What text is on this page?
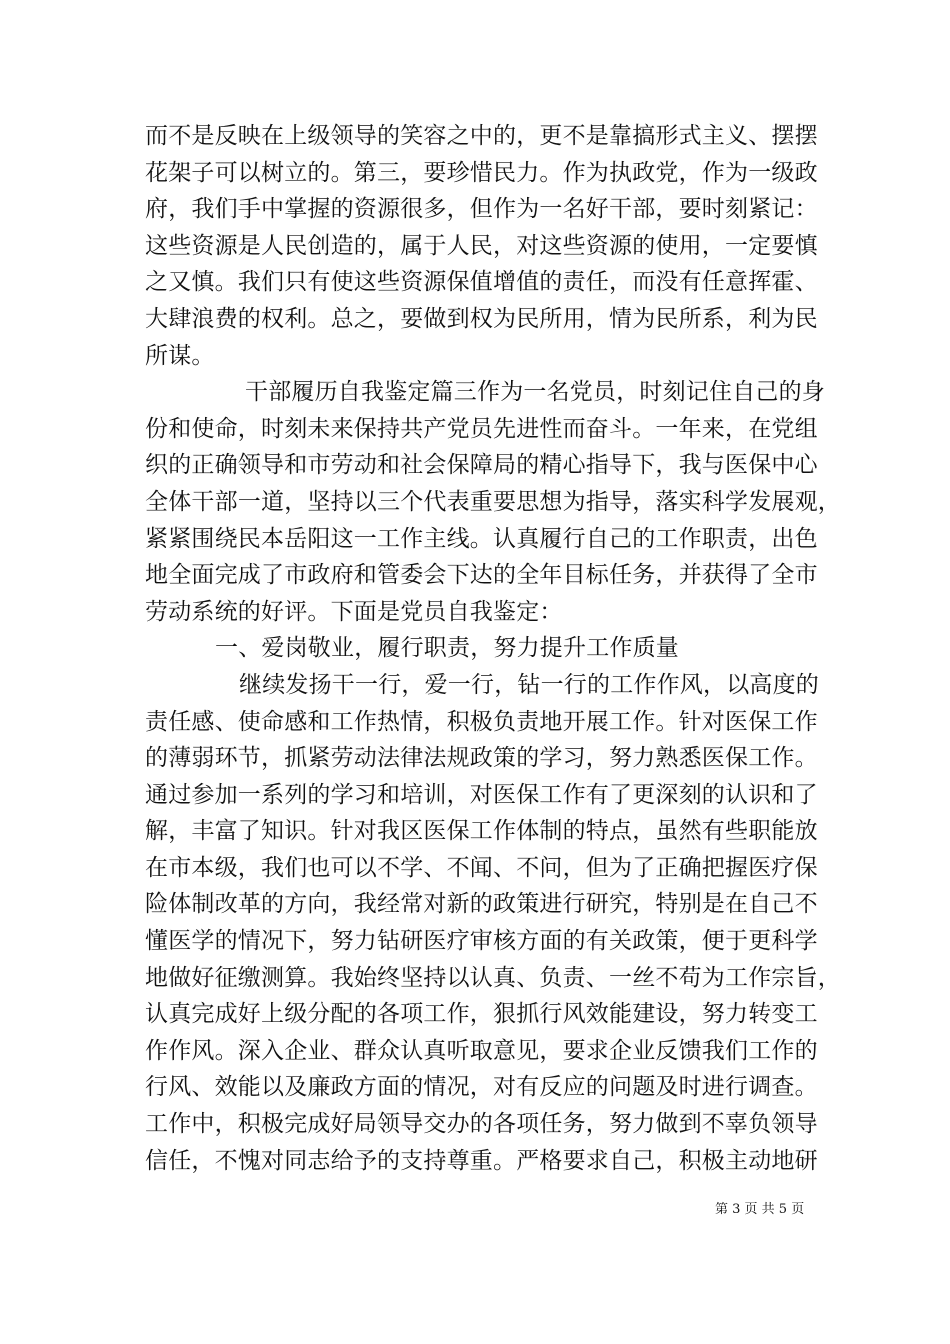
而不是反映在上级领导的笑容之中的，更不是靠搞形式主义、摆摆
花架子可以树立的。第三，要珍惜民力。作为执政党，作为一级政
府，我们手中掌握的资源很多，但作为一名好干部，要时刻紧记：
这些资源是人民创造的，属于人民，对这些资源的使用，一定要慎
之又慎。我们只有使这些资源保值增值的责任，而没有任意挥霍、
大肆浪费的权利。总之，要做到权为民所用，情为民所系，利为民
所谋。
干部履历自我鉴定篇三作为一名党员，时刻记住自己的身
份和使命，时刻未来保持共产党员先进性而奋斗。一年来，在党组
织的正确领导和市劳动和社会保障局的精心指导下，我与医保中心
全体干部一道，坚持以三个代表重要思想为指导，落实科学发展观，
紧紧围绕民本岳阳这一工作主线。认真履行自己的工作职责，出色
地全面完成了市政府和管委会下达的全年目标任务，并获得了全市
劳动系统的好评。下面是党员自我鉴定：
一、爱岗敬业，履行职责，努力提升工作质量
继续发扬干一行，爱一行，钻一行的工作作风，以高度的
责任感、使命感和工作热情，积极负责地开展工作。针对医保工作
的薄弱环节，抓紧劳动法律法规政策的学习，努力熟悉医保工作。
通过参加一系列的学习和培训，对医保工作有了更深刻的认识和了
解，丰富了知识。针对我区医保工作体制的特点，虽然有些职能放
在市本级，我们也可以不学、不闻、不问，但为了正确把握医疗保
险体制改革的方向，我经常对新的政策进行研究，特别是在自己不
懂医学的情况下，努力钻研医疗审核方面的有关政策，便于更科学
地做好征缴测算。我始终坚持以认真、负责、一丝不苟为工作宗旨，
认真完成好上级分配的各项工作，狠抓行风效能建设，努力转变工
作作风。深入企业、群众认真听取意见，要求企业反馈我们工作的
行风、效能以及廉政方面的情况，对有反应的问题及时进行调查。
工作中，积极完成好局领导交办的各项任务，努力做到不辜负领导
信任，不愧对同志给予的支持尊重。严格要求自己，积极主动地研
第 3 页 共 5 页
